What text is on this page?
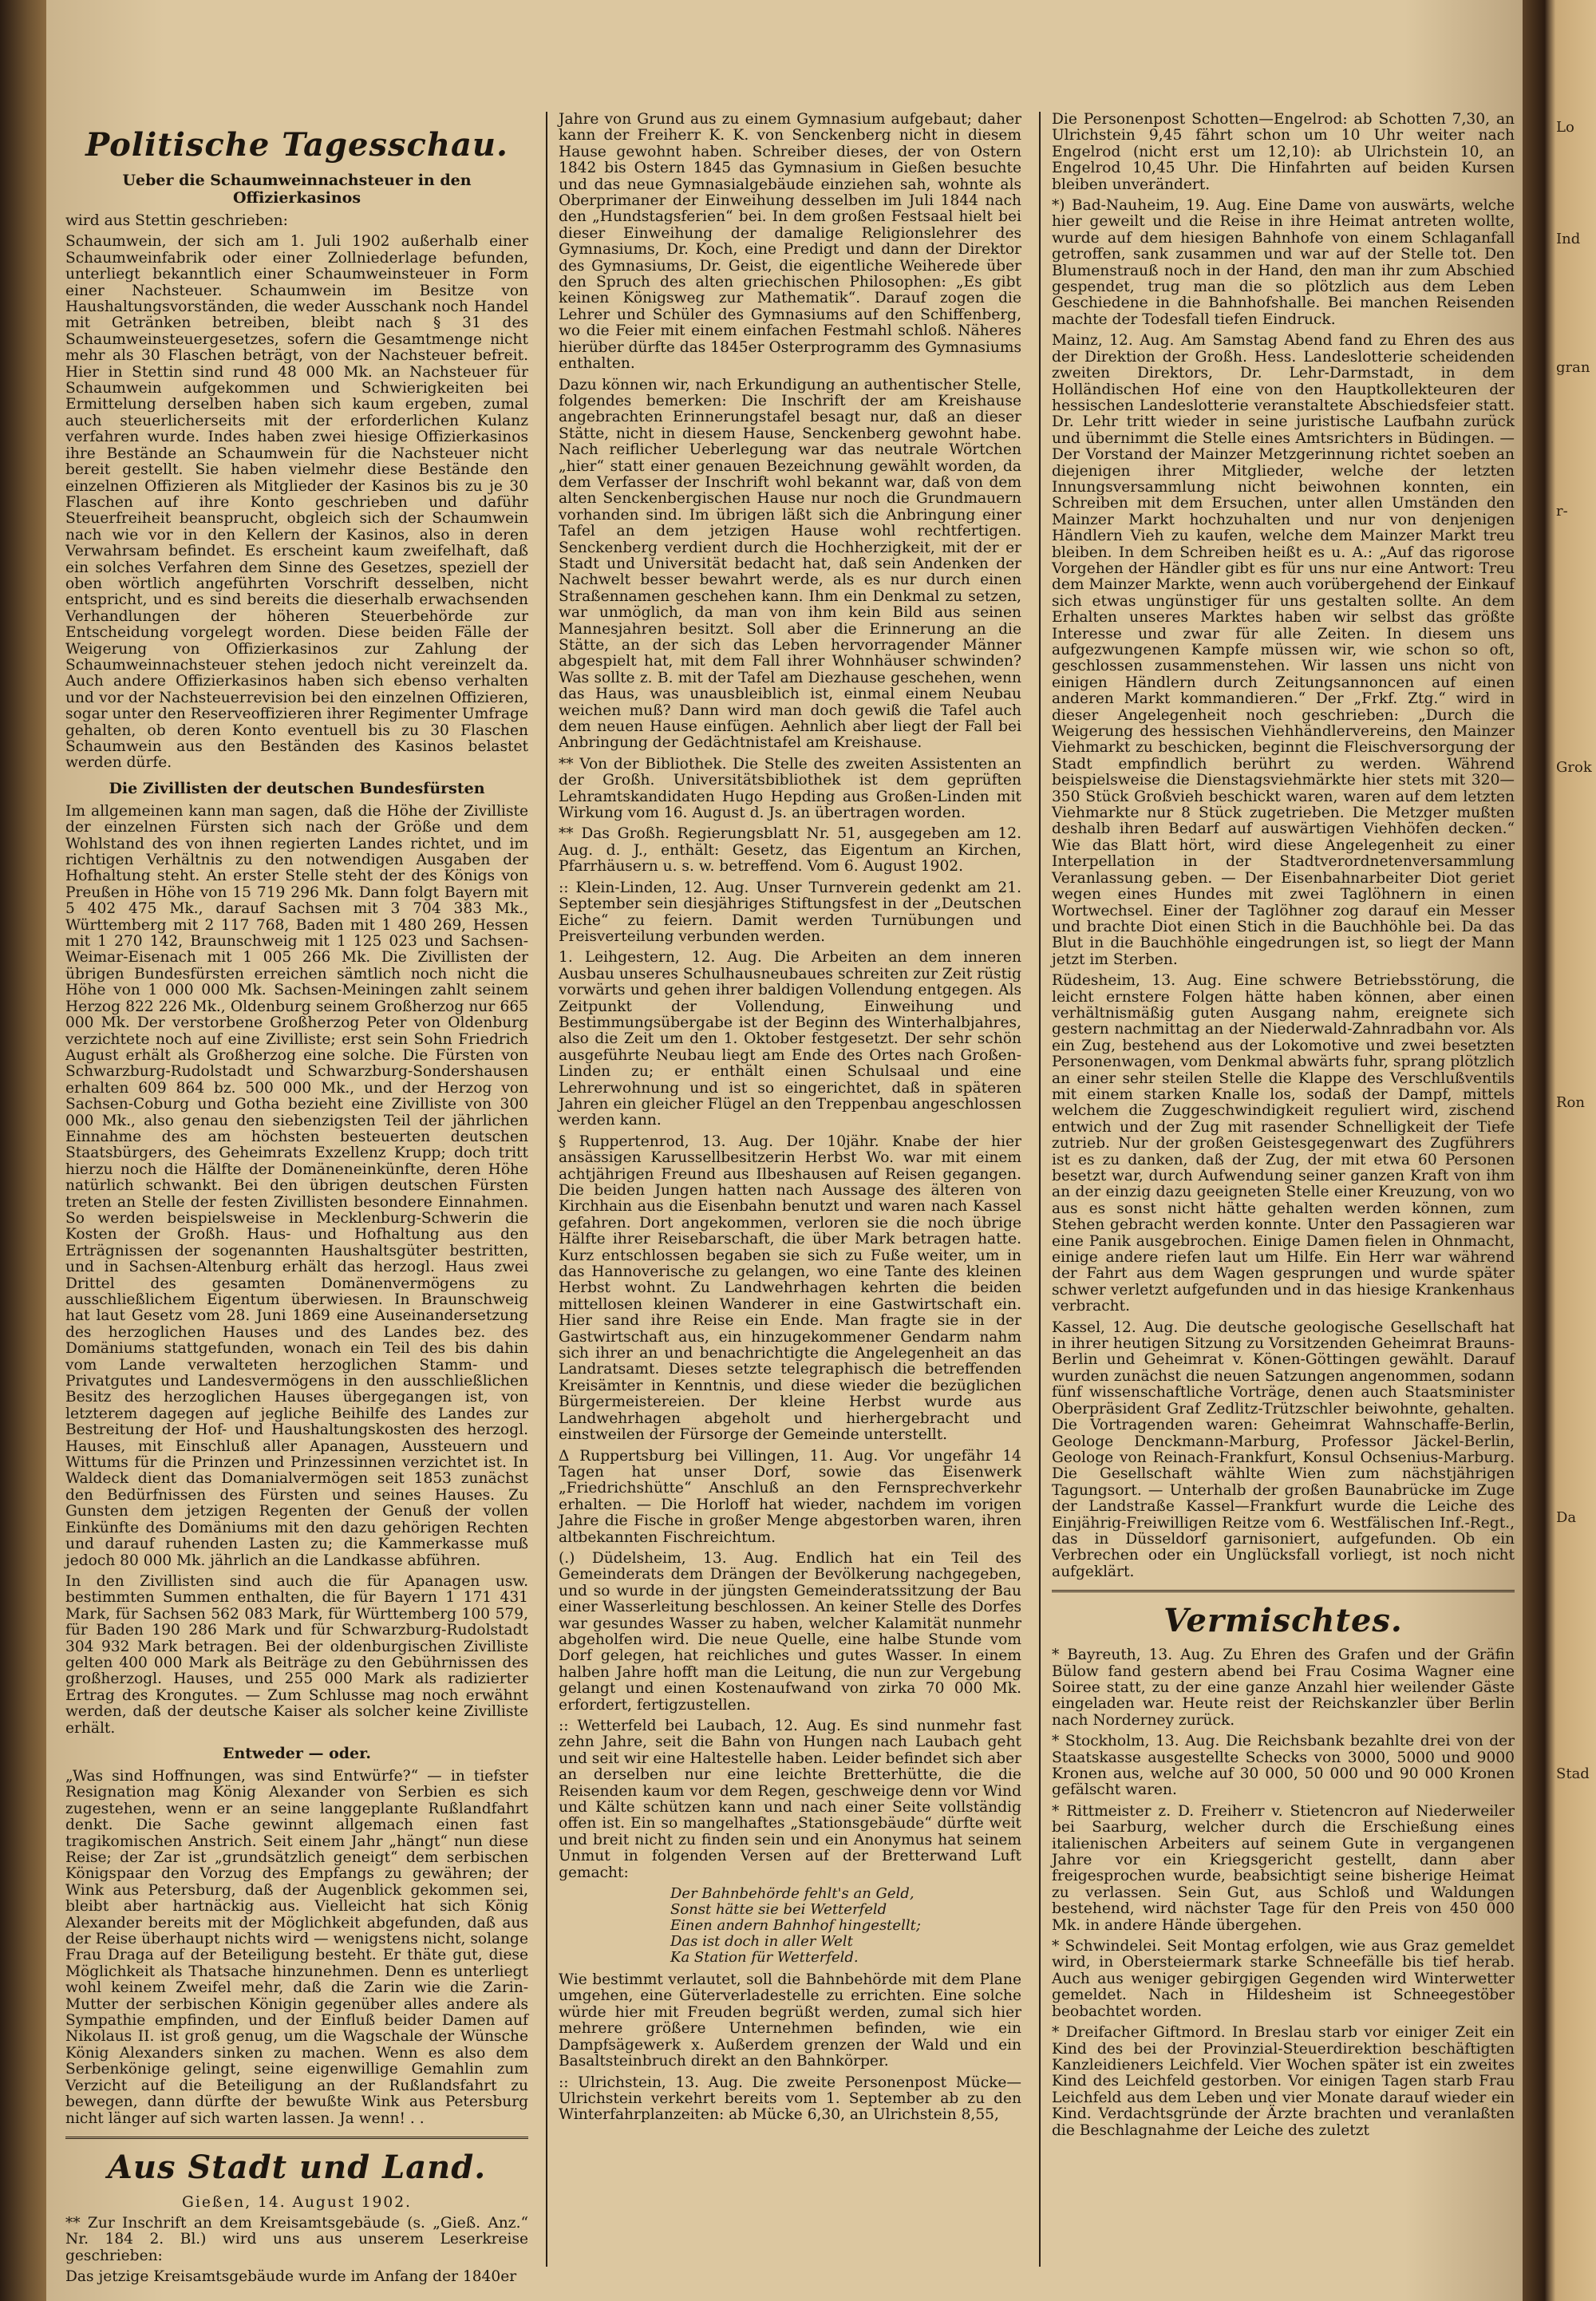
Politische Tagesschau.
Ueber die Schaumweinnachsteuer in den Offizierkasinos

wird aus Stettin geschrieben:

Schaumwein, der sich am 1. Juli 1902 außerhalb einer Schaumweinfabrik oder einer Zollniederlage befunden, unterliegt bekanntlich einer Schaumweinsteuer in Form einer Nachsteuer. Schaumwein im Besitze von Haushaltungsvorständen, die weder Ausschank noch Handel mit Getränken betreiben, bleibt nach § 31 des Schaumweinsteuergesetzes, sofern die Gesamtmenge nicht mehr als 30 Flaschen beträgt, von der Nachsteuer befreit. Hier in Stettin sind rund 48 000 Mk. an Nachsteuer für Schaumwein aufgekommen und Schwierigkeiten bei Ermittelung derselben haben sich kaum ergeben, zumal auch steuerlicherseits mit der erforderlichen Kulanz verfahren wurde. Indes haben zwei hiesige Offizierkasinos ihre Bestände an Schaumwein für die Nachsteuer nicht bereit gestellt. Sie haben vielmehr diese Bestände den einzelnen Offizieren als Mitglieder der Kasinos bis zu je 30 Flaschen auf ihre Konto geschrieben und daführ Steuerfreiheit beansprucht, obgleich sich der Schaumwein nach wie vor in den Kellern der Kasinos, also in deren Verwahrsam befindet. Es erscheint kaum zweifelhaft, daß ein solches Verfahren dem Sinne des Gesetzes, speziell der oben wörtlich angeführten Vorschrift desselben, nicht entspricht, und es sind bereits die dieserhalb erwachsenden Verhandlungen der höheren Steuerbehörde zur Entscheidung vorgelegt worden. Diese beiden Fälle der Weigerung von Offizierkasinos zur Zahlung der Schaumweinnachsteuer stehen jedoch nicht vereinzelt da. Auch andere Offizierkasinos haben sich ebenso verhalten und vor der Nachsteuerrevision bei den einzelnen Offizieren, sogar unter den Reserveoffizieren ihrer Regimenter Umfrage gehalten, ob deren Konto eventuell bis zu 30 Flaschen Schaumwein aus den Beständen des Kasinos belastet werden dürfe.

Die Zivillisten der deutschen Bundesfürsten

Im allgemeinen kann man sagen, daß die Höhe der Zivilliste der einzelnen Fürsten sich nach der Größe und dem Wohlstand des von ihnen regierten Landes richtet, und im richtigen Verhältnis zu den notwendigen Ausgaben der Hofhaltung steht. An erster Stelle steht der des Königs von Preußen in Höhe von 15 719 296 Mk. Dann folgt Bayern mit 5 402 475 Mk., darauf Sachsen mit 3 704 383 Mk., Württemberg mit 2 117 768, Baden mit 1 480 269, Hessen mit 1 270 142, Braunschweig mit 1 125 023 und Sachsen-Weimar-Eisenach mit 1 005 266 Mk. Die Zivillisten der übrigen Bundesfürsten erreichen sämtlich noch nicht die Höhe von 1 000 000 Mk. Sachsen-Meiningen zahlt seinem Herzog 822 226 Mk., Oldenburg seinem Großherzog nur 665 000 Mk. Der verstorbene Großherzog Peter von Oldenburg verzichtete noch auf eine Zivilliste; erst sein Sohn Friedrich August erhält als Großherzog eine solche. Die Fürsten von Schwarzburg-Rudolstadt und Schwarzburg-Sondershausen erhalten 609 864 bz. 500 000 Mk., und der Herzog von Sachsen-Coburg und Gotha bezieht eine Zivilliste von 300 000 Mk., also genau den siebenzigsten Teil der jährlichen Einnahme des am höchsten besteuerten deutschen Staatsbürgers, des Geheimrats Exzellenz Krupp; doch tritt hierzu noch die Hälfte der Domäneneinkünfte, deren Höhe natürlich schwankt. Bei den übrigen deutschen Fürsten treten an Stelle der festen Zivillisten besondere Einnahmen. So werden beispielsweise in Mecklenburg-Schwerin die Kosten der Großh. Haus- und Hofhaltung aus den Erträgnissen der sogenannten Haushaltsgüter bestritten, und in Sachsen-Altenburg erhält das herzogl. Haus zwei Drittel des gesamten Domänenvermögens zu ausschließlichem Eigentum überwiesen. In Braunschweig hat laut Gesetz vom 28. Juni 1869 eine Auseinandersetzung des herzoglichen Hauses und des Landes bez. des Domäniums stattgefunden, wonach ein Teil des bis dahin vom Lande verwalteten herzoglichen Stamm- und Privatgutes und Landesvermögens in den ausschließlichen Besitz des herzoglichen Hauses übergegangen ist, von letzterem dagegen auf jegliche Beihilfe des Landes zur Bestreitung der Hof- und Haushaltungskosten des herzogl. Hauses, mit Einschluß aller Apanagen, Aussteuern und Wittums für die Prinzen und Prinzessinnen verzichtet ist. In Waldeck dient das Domanialvermögen seit 1853 zunächst den Bedürfnissen des Fürsten und seines Hauses. Zu Gunsten dem jetzigen Regenten der Genuß der vollen Einkünfte des Domäniums mit den dazu gehörigen Rechten und darauf ruhenden Lasten zu; die Kammerkasse muß jedoch 80 000 Mk. jährlich an die Landkasse abführen.

In den Zivillisten sind auch die für Apanagen usw. bestimmten Summen enthalten, die für Bayern 1 171 431 Mark, für Sachsen 562 083 Mark, für Württemberg 100 579, für Baden 190 286 Mark und für Schwarzburg-Rudolstadt 304 932 Mark betragen. Bei der oldenburgischen Zivilliste gelten 400 000 Mark als Beiträge zu den Gebührnissen des großherzogl. Hauses, und 255 000 Mark als radizierter Ertrag des Krongutes. — Zum Schlusse mag noch erwähnt werden, daß der deutsche Kaiser als solcher keine Zivilliste erhält.

Entweder — oder.

„Was sind Hoffnungen, was sind Entwürfe?“ — in tiefster Resignation mag König Alexander von Serbien es sich zugestehen, wenn er an seine langgeplante Rußlandfahrt denkt. Die Sache gewinnt allgemach einen fast tragikomischen Anstrich. Seit einem Jahr „hängt“ nun diese Reise; der Zar ist „grundsätzlich geneigt“ dem serbischen Königspaar den Vorzug des Empfangs zu gewähren; der Wink aus Petersburg, daß der Augenblick gekommen sei, bleibt aber hartnäckig aus. Vielleicht hat sich König Alexander bereits mit der Möglichkeit abgefunden, daß aus der Reise überhaupt nichts wird — wenigstens nicht, solange Frau Draga auf der Beteiligung besteht. Er thäte gut, diese Möglichkeit als Thatsache hinzunehmen. Denn es unterliegt wohl keinem Zweifel mehr, daß die Zarin wie die Zarin-Mutter der serbischen Königin gegenüber alles andere als Sympathie empfinden, und der Einfluß beider Damen auf Nikolaus II. ist groß genug, um die Wagschale der Wünsche König Alexanders sinken zu machen. Wenn es also dem Serbenkönige gelingt, seine eigenwillige Gemahlin zum Verzicht auf die Beteiligung an der Rußlandsfahrt zu bewegen, dann dürfte der bewußte Wink aus Petersburg nicht länger auf sich warten lassen. Ja wenn! . .

Aus Stadt und Land.
Gießen, 14. August 1902.

** Zur Inschrift an dem Kreisamtsgebäude (s. „Gieß. Anz.“ Nr. 184 2. Bl.) wird uns aus unserem Leserkreise geschrieben:

Das jetzige Kreisamtsgebäude wurde im Anfang der 1840er

Jahre von Grund aus zu einem Gymnasium aufgebaut; daher kann der Freiherr K. K. von Senckenberg nicht in diesem Hause gewohnt haben. Schreiber dieses, der von Ostern 1842 bis Ostern 1845 das Gymnasium in Gießen besuchte und das neue Gymnasialgebäude einziehen sah, wohnte als Oberprimaner der Einweihung desselben im Juli 1844 nach den „Hundstagsferien“ bei. In dem großen Festsaal hielt bei dieser Einweihung der damalige Religionslehrer des Gymnasiums, Dr. Koch, eine Predigt und dann der Direktor des Gymnasiums, Dr. Geist, die eigentliche Weiherede über den Spruch des alten griechischen Philosophen: „Es gibt keinen Königsweg zur Mathematik“. Darauf zogen die Lehrer und Schüler des Gymnasiums auf den Schiffenberg, wo die Feier mit einem einfachen Festmahl schloß. Näheres hierüber dürfte das 1845er Osterprogramm des Gymnasiums enthalten.

Dazu können wir, nach Erkundigung an authentischer Stelle, folgendes bemerken: Die Inschrift der am Kreishause angebrachten Erinnerungstafel besagt nur, daß an dieser Stätte, nicht in diesem Hause, Senckenberg gewohnt habe. Nach reiflicher Ueberlegung war das neutrale Wörtchen „hier“ statt einer genauen Bezeichnung gewählt worden, da dem Verfasser der Inschrift wohl bekannt war, daß von dem alten Senckenbergischen Hause nur noch die Grundmauern vorhanden sind. Im übrigen läßt sich die Anbringung einer Tafel an dem jetzigen Hause wohl rechtfertigen. Senckenberg verdient durch die Hochherzigkeit, mit der er Stadt und Universität bedacht hat, daß sein Andenken der Nachwelt besser bewahrt werde, als es nur durch einen Straßennamen geschehen kann. Ihm ein Denkmal zu setzen, war unmöglich, da man von ihm kein Bild aus seinen Mannesjahren besitzt. Soll aber die Erinnerung an die Stätte, an der sich das Leben hervorragender Männer abgespielt hat, mit dem Fall ihrer Wohnhäuser schwinden? Was sollte z. B. mit der Tafel am Diezhause geschehen, wenn das Haus, was unausbleiblich ist, einmal einem Neubau weichen muß? Dann wird man doch gewiß die Tafel auch dem neuen Hause einfügen. Aehnlich aber liegt der Fall bei Anbringung der Gedächtnistafel am Kreishause.

** Von der Bibliothek. Die Stelle des zweiten Assistenten an der Großh. Universitätsbibliothek ist dem geprüften Lehramtskandidaten Hugo Hepding aus Großen-Linden mit Wirkung vom 16. August d. Js. an übertragen worden.

** Das Großh. Regierungsblatt Nr. 51, ausgegeben am 12. Aug. d. J., enthält: Gesetz, das Eigentum an Kirchen, Pfarrhäusern u. s. w. betreffend. Vom 6. August 1902.

:: Klein-Linden, 12. Aug. Unser Turnverein gedenkt am 21. September sein diesjähriges Stiftungsfest in der „Deutschen Eiche“ zu feiern. Damit werden Turnübungen und Preisverteilung verbunden werden.

1. Leihgestern, 12. Aug. Die Arbeiten an dem inneren Ausbau unseres Schulhausneubaues schreiten zur Zeit rüstig vorwärts und gehen ihrer baldigen Vollendung entgegen. Als Zeitpunkt der Vollendung, Einweihung und Bestimmungsübergabe ist der Beginn des Winterhalbjahres, also die Zeit um den 1. Oktober festgesetzt. Der sehr schön ausgeführte Neubau liegt am Ende des Ortes nach Großen-Linden zu; er enthält einen Schulsaal und eine Lehrerwohnung und ist so eingerichtet, daß in späteren Jahren ein gleicher Flügel an den Treppenbau angeschlossen werden kann.

§ Ruppertenrod, 13. Aug. Der 10jähr. Knabe der hier ansässigen Karussellbesitzerin Herbst Wo. war mit einem achtjährigen Freund aus Ilbeshausen auf Reisen gegangen. Die beiden Jungen hatten nach Aussage des älteren von Kirchhain aus die Eisenbahn benutzt und waren nach Kassel gefahren. Dort angekommen, verloren sie die noch übrige Hälfte ihrer Reisebarschaft, die über Mark betragen hatte. Kurz entschlossen begaben sie sich zu Fuße weiter, um in das Hannoverische zu gelangen, wo eine Tante des kleinen Herbst wohnt. Zu Landwehrhagen kehrten die beiden mittellosen kleinen Wanderer in eine Gastwirtschaft ein. Hier sand ihre Reise ein Ende. Man fragte sie in der Gastwirtschaft aus, ein hinzugekommener Gendarm nahm sich ihrer an und benachrichtigte die Angelegenheit an das Landratsamt. Dieses setzte telegraphisch die betreffenden Kreisämter in Kenntnis, und diese wieder die bezüglichen Bürgermeistereien. Der kleine Herbst wurde aus Landwehrhagen abgeholt und hierhergebracht und einstweilen der Fürsorge der Gemeinde unterstellt.

Δ Ruppertsburg bei Villingen, 11. Aug. Vor ungefähr 14 Tagen hat unser Dorf, sowie das Eisenwerk „Friedrichshütte“ Anschluß an den Fernsprechverkehr erhalten. — Die Horloff hat wieder, nachdem im vorigen Jahre die Fische in großer Menge abgestorben waren, ihren altbekannten Fischreichtum.

(.) Düdelsheim, 13. Aug. Endlich hat ein Teil des Gemeinderats dem Drängen der Bevölkerung nachgegeben, und so wurde in der jüngsten Gemeinderatssitzung der Bau einer Wasserleitung beschlossen. An keiner Stelle des Dorfes war gesundes Wasser zu haben, welcher Kalamität nunmehr abgeholfen wird. Die neue Quelle, eine halbe Stunde vom Dorf gelegen, hat reichliches und gutes Wasser. In einem halben Jahre hofft man die Leitung, die nun zur Vergebung gelangt und einen Kostenaufwand von zirka 70 000 Mk. erfordert, fertigzustellen.

:: Wetterfeld bei Laubach, 12. Aug. Es sind nunmehr fast zehn Jahre, seit die Bahn von Hungen nach Laubach geht und seit wir eine Haltestelle haben. Leider befindet sich aber an derselben nur eine leichte Bretterhütte, die die Reisenden kaum vor dem Regen, geschweige denn vor Wind und Kälte schützen kann und nach einer Seite vollständig offen ist. Ein so mangelhaftes „Stationsgebäude“ dürfte weit und breit nicht zu finden sein und ein Anonymus hat seinem Unmut in folgenden Versen auf der Bretterwand Luft gemacht:

Der Bahnbehörde fehlt's an Geld,
Sonst hätte sie bei Wetterfeld
Einen andern Bahnhof hingestellt;
Das ist doch in aller Welt
Ka Station für Wetterfeld.

Wie bestimmt verlautet, soll die Bahnbehörde mit dem Plane umgehen, eine Güterverladestelle zu errichten. Eine solche würde hier mit Freuden begrüßt werden, zumal sich hier mehrere größere Unternehmen befinden, wie ein Dampfsägewerk x. Außerdem grenzen der Wald und ein Basaltsteinbruch direkt an den Bahnkörper.

:: Ulrichstein, 13. Aug. Die zweite Personenpost Mücke—Ulrichstein verkehrt bereits vom 1. September ab zu den Winterfahrplanzeiten: ab Mücke 6,30, an Ulrichstein 8,55,

Die Personenpost Schotten—Engelrod: ab Schotten 7,30, an Ulrichstein 9,45 fährt schon um 10 Uhr weiter nach Engelrod (nicht erst um 12,10): ab Ulrichstein 10, an Engelrod 10,45 Uhr. Die Hinfahrten auf beiden Kursen bleiben unverändert.

*) Bad-Nauheim, 19. Aug. Eine Dame von auswärts, welche hier geweilt und die Reise in ihre Heimat antreten wollte, wurde auf dem hiesigen Bahnhofe von einem Schlaganfall getroffen, sank zusammen und war auf der Stelle tot. Den Blumenstrauß noch in der Hand, den man ihr zum Abschied gespendet, trug man die so plötzlich aus dem Leben Geschiedene in die Bahnhofshalle. Bei manchen Reisenden machte der Todesfall tiefen Eindruck.

Mainz, 12. Aug. Am Samstag Abend fand zu Ehren des aus der Direktion der Großh. Hess. Landeslotterie scheidenden zweiten Direktors, Dr. Lehr-Darmstadt, in dem Holländischen Hof eine von den Hauptkollekteuren der hessischen Landeslotterie veranstaltete Abschiedsfeier statt. Dr. Lehr tritt wieder in seine juristische Laufbahn zurück und übernimmt die Stelle eines Amtsrichters in Büdingen. — Der Vorstand der Mainzer Metzgerinnung richtet soeben an diejenigen ihrer Mitglieder, welche der letzten Innungsversammlung nicht beiwohnen konnten, ein Schreiben mit dem Ersuchen, unter allen Umständen den Mainzer Markt hochzuhalten und nur von denjenigen Händlern Vieh zu kaufen, welche dem Mainzer Markt treu bleiben. In dem Schreiben heißt es u. A.: „Auf das rigorose Vorgehen der Händler gibt es für uns nur eine Antwort: Treu dem Mainzer Markte, wenn auch vorübergehend der Einkauf sich etwas ungünstiger für uns gestalten sollte. An dem Erhalten unseres Marktes haben wir selbst das größte Interesse und zwar für alle Zeiten. In diesem uns aufgezwungenen Kampfe müssen wir, wie schon so oft, geschlossen zusammenstehen. Wir lassen uns nicht von einigen Händlern durch Zeitungsannoncen auf einen anderen Markt kommandieren.“ Der „Frkf. Ztg.“ wird in dieser Angelegenheit noch geschrieben: „Durch die Weigerung des hessischen Viehhändlervereins, den Mainzer Viehmarkt zu beschicken, beginnt die Fleischversorgung der Stadt empfindlich berührt zu werden. Während beispielsweise die Dienstagsviehmärkte hier stets mit 320—350 Stück Großvieh beschickt waren, waren auf dem letzten Viehmarkte nur 8 Stück zugetrieben. Die Metzger mußten deshalb ihren Bedarf auf auswärtigen Viehhöfen decken.“ Wie das Blatt hört, wird diese Angelegenheit zu einer Interpellation in der Stadtverordnetenversammlung Veranlassung geben. — Der Eisenbahnarbeiter Diot geriet wegen eines Hundes mit zwei Taglöhnern in einen Wortwechsel. Einer der Taglöhner zog darauf ein Messer und brachte Diot einen Stich in die Bauchhöhle bei. Da das Blut in die Bauchhöhle eingedrungen ist, so liegt der Mann jetzt im Sterben.

Rüdesheim, 13. Aug. Eine schwere Betriebsstörung, die leicht ernstere Folgen hätte haben können, aber einen verhältnismäßig guten Ausgang nahm, ereignete sich gestern nachmittag an der Niederwald-Zahnradbahn vor. Als ein Zug, bestehend aus der Lokomotive und zwei besetzten Personenwagen, vom Denkmal abwärts fuhr, sprang plötzlich an einer sehr steilen Stelle die Klappe des Verschlußventils mit einem starken Knalle los, sodaß der Dampf, mittels welchem die Zuggeschwindigkeit reguliert wird, zischend entwich und der Zug mit rasender Schnelligkeit der Tiefe zutrieb. Nur der großen Geistesgegenwart des Zugführers ist es zu danken, daß der Zug, der mit etwa 60 Personen besetzt war, durch Aufwendung seiner ganzen Kraft von ihm an der einzig dazu geeigneten Stelle einer Kreuzung, von wo aus es sonst nicht hätte gehalten werden können, zum Stehen gebracht werden konnte. Unter den Passagieren war eine Panik ausgebrochen. Einige Damen fielen in Ohnmacht, einige andere riefen laut um Hilfe. Ein Herr war während der Fahrt aus dem Wagen gesprungen und wurde später schwer verletzt aufgefunden und in das hiesige Krankenhaus verbracht.

Kassel, 12. Aug. Die deutsche geologische Gesellschaft hat in ihrer heutigen Sitzung zu Vorsitzenden Geheimrat Brauns-Berlin und Geheimrat v. Könen-Göttingen gewählt. Darauf wurden zunächst die neuen Satzungen angenommen, sodann fünf wissenschaftliche Vorträge, denen auch Staatsminister Oberpräsident Graf Zedlitz-Trützschler beiwohnte, gehalten. Die Vortragenden waren: Geheimrat Wahnschaffe-Berlin, Geologe Denckmann-Marburg, Professor Jäckel-Berlin, Geologe von Reinach-Frankfurt, Konsul Ochsenius-Marburg. Die Gesellschaft wählte Wien zum nächstjährigen Tagungsort. — Unterhalb der großen Baunabrücke im Zuge der Landstraße Kassel—Frankfurt wurde die Leiche des Einjährig-Freiwilligen Reitze vom 6. Westfälischen Inf.-Regt., das in Düsseldorf garnisoniert, aufgefunden. Ob ein Verbrechen oder ein Unglücksfall vorliegt, ist noch nicht aufgeklärt.

Vermischtes.

* Bayreuth, 13. Aug. Zu Ehren des Grafen und der Gräfin Bülow fand gestern abend bei Frau Cosima Wagner eine Soiree statt, zu der eine ganze Anzahl hier weilender Gäste eingeladen war. Heute reist der Reichskanzler über Berlin nach Norderney zurück.

* Stockholm, 13. Aug. Die Reichsbank bezahlte drei von der Staatskasse ausgestellte Schecks von 3000, 5000 und 9000 Kronen aus, welche auf 30 000, 50 000 und 90 000 Kronen gefälscht waren.

* Rittmeister z. D. Freiherr v. Stietencron auf Niederweiler bei Saarburg, welcher durch die Erschießung eines italienischen Arbeiters auf seinem Gute in vergangenen Jahre vor ein Kriegsgericht gestellt, dann aber freigesprochen wurde, beabsichtigt seine bisherige Heimat zu verlassen. Sein Gut, aus Schloß und Waldungen bestehend, wird nächster Tage für den Preis von 450 000 Mk. in andere Hände übergehen.

* Schwindelei. Seit Montag erfolgen, wie aus Graz gemeldet wird, in Obersteiermark starke Schneefälle bis tief herab. Auch aus weniger gebirgigen Gegenden wird Winterwetter gemeldet. Nach in Hildesheim ist Schneegestöber beobachtet worden.

* Dreifacher Giftmord. In Breslau starb vor einiger Zeit ein Kind des bei der Provinzial-Steuerdirektion beschäftigten Kanzleidieners Leichfeld. Vier Wochen später ist ein zweites Kind des Leichfeld gestorben. Vor einigen Tagen starb Frau Leichfeld aus dem Leben und vier Monate darauf wieder ein Kind. Verdachtsgründe der Ärzte brachten und veranlaßten die Beschlagnahme der Leiche des zuletzt

Lo
Ind
gran
r-
Grok
Ron
Da
Stad
